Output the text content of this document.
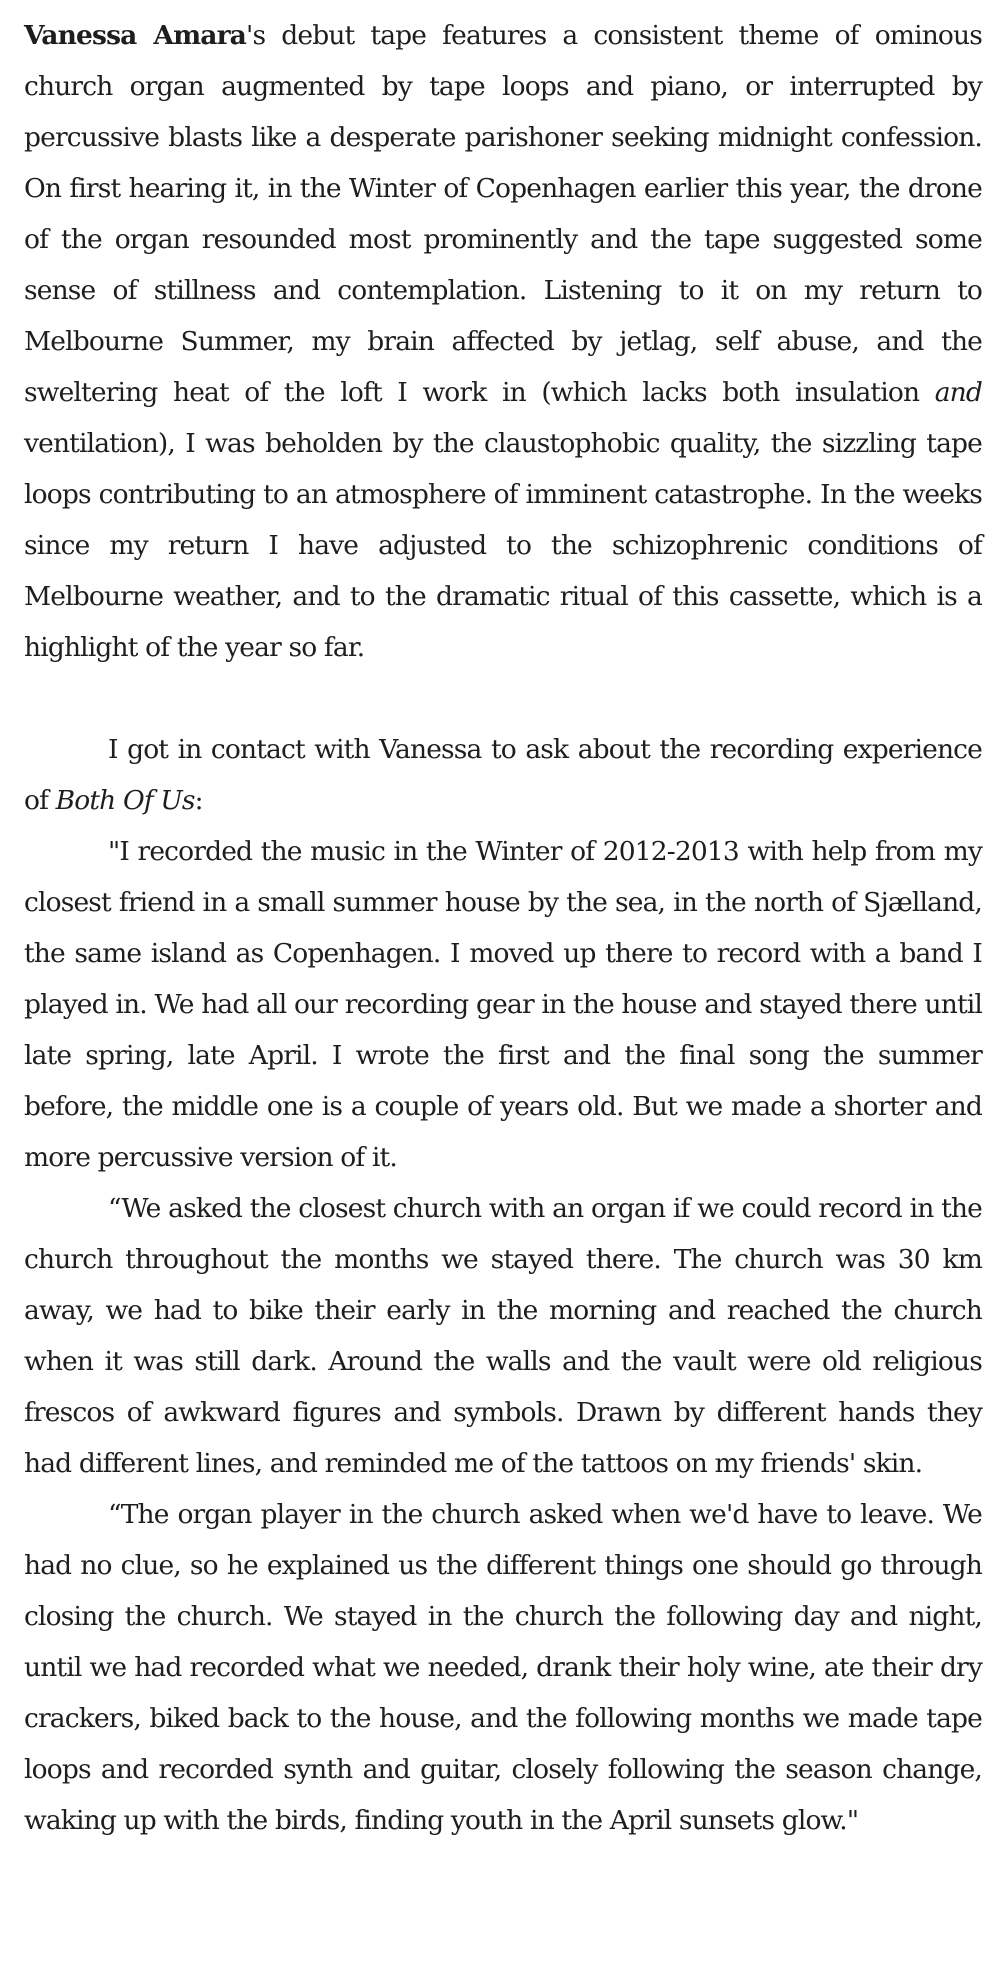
Vanessa Amara's debut tape features a consistent theme of ominous church organ augmented by tape loops and piano, or interrupted by percussive blasts like a desperate parishoner seeking midnight confession. On first hearing it, in the Winter of Copenhagen earlier this year, the drone of the organ resounded most prominently and the tape suggested some sense of stillness and contemplation. Listening to it on my return to Melbourne Summer, my brain affected by jetlag, self abuse, and the sweltering heat of the loft I work in (which lacks both insulation and ventilation), I was beholden by the claustophobic quality, the sizzling tape loops contributing to an atmosphere of imminent catastrophe. In the weeks since my return I have adjusted to the schizophrenic conditions of Melbourne weather, and to the dramatic ritual of this cassette, which is a highlight of the year so far.

I got in contact with Vanessa to ask about the recording experience of Both Of Us:

"I recorded the music in the Winter of 2012-2013 with help from my closest friend in a small summer house by the sea, in the north of Sjælland, the same island as Copenhagen. I moved up there to record with a band I played in. We had all our recording gear in the house and stayed there until late spring, late April. I wrote the first and the final song the summer before, the middle one is a couple of years old. But we made a shorter and more percussive version of it.

“We asked the closest church with an organ if we could record in the church throughout the months we stayed there. The church was 30 km away, we had to bike their early in the morning and reached the church when it was still dark. Around the walls and the vault were old religious frescos of awkward figures and symbols. Drawn by different hands they had different lines, and reminded me of the tattoos on my friends' skin.

“The organ player in the church asked when we'd have to leave. We had no clue, so he explained us the different things one should go through closing the church. We stayed in the church the following day and night, until we had recorded what we needed, drank their holy wine, ate their dry crackers, biked back to the house, and the following months we made tape loops and recorded synth and guitar, closely following the season change, waking up with the birds, finding youth in the April sunsets glow."
